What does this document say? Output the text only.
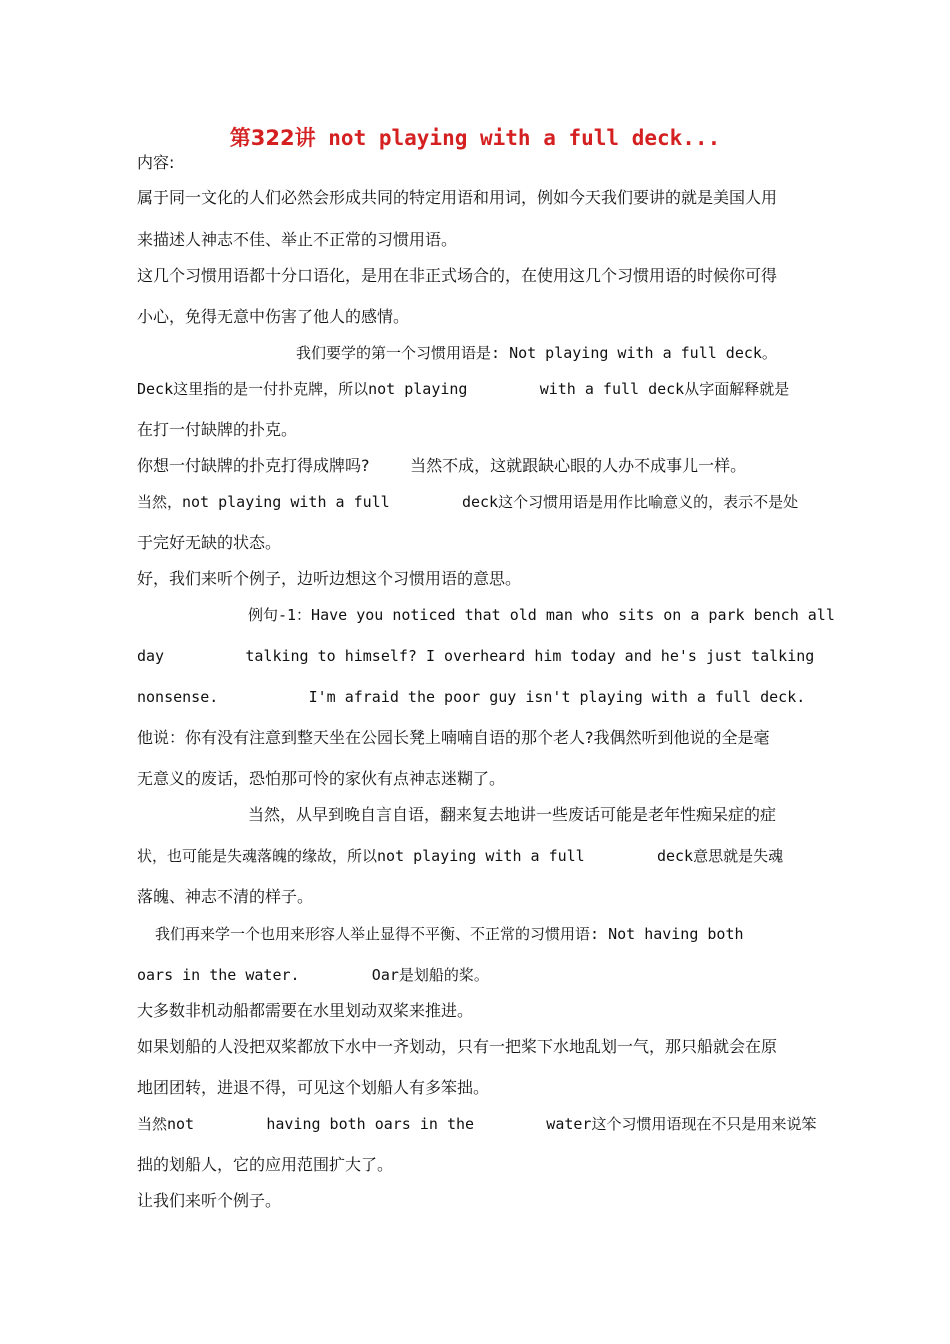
第322讲 not playing with a full deck...
内容:
属于同一文化的人们必然会形成共同的特定用语和用词，例如今天我们要讲的就是美国人用
来描述人神志不佳、举止不正常的习惯用语。
这几个习惯用语都十分口语化，是用在非正式场合的，在使用这几个习惯用语的时候你可得
小心，免得无意中伤害了他人的感情。
我们要学的第一个习惯用语是: Not playing with a full deck。
Deck这里指的是一付扑克牌，所以not playing        with a full deck从字面解释就是
在打一付缺牌的扑克。
你想一付缺牌的扑克打得成牌吗?        当然不成，这就跟缺心眼的人办不成事儿一样。
当然，not playing with a full        deck这个习惯用语是用作比喻意义的，表示不是处
于完好无缺的状态。
好，我们来听个例子，边听边想这个习惯用语的意思。
例句-1：Have you noticed that old man who sits on a park bench all
day         talking to himself? I overheard him today and he's just talking
nonsense.          I'm afraid the poor guy isn't playing with a full deck.
他说：你有没有注意到整天坐在公园长凳上喃喃自语的那个老人?我偶然听到他说的全是毫
无意义的废话，恐怕那可怜的家伙有点神志迷糊了。
当然，从早到晚自言自语，翻来复去地讲一些废话可能是老年性痴呆症的症
状，也可能是失魂落魄的缘故，所以not playing with a full        deck意思就是失魂
落魄、神志不清的样子。
我们再来学一个也用来形容人举止显得不平衡、不正常的习惯用语: Not having both
oars in the water.        Oar是划船的桨。
大多数非机动船都需要在水里划动双桨来推进。
如果划船的人没把双桨都放下水中一齐划动，只有一把桨下水地乱划一气，那只船就会在原
地团团转，进退不得，可见这个划船人有多笨拙。
当然not        having both oars in the        water这个习惯用语现在不只是用来说笨
拙的划船人，它的应用范围扩大了。
让我们来听个例子。
